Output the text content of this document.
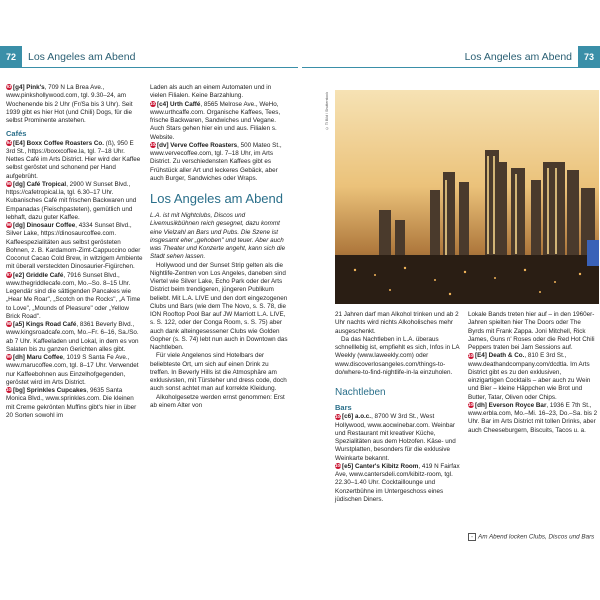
72	Los Angeles am Abend	Los Angeles am Abend	73

93 [g4] Pink's, 709 N La Brea Ave., www.pinkshollywood.com, tgl. 9.30–24, am Wochenende bis 2 Uhr (Fr/Sa bis 3 Uhr). Seit 1939 gibt es hier Hot (und Chili) Dogs, für die selbst Prominente anstehen.

Cafés

94 [E4] Boxx Coffee Roasters Co. (ß), 950 E 3rd St., https://boxxcoffee.la, tgl. 7–18 Uhr. Nettes Café im Arts District. Hier wird der Kaffee selbst geröstet und schonend per Hand aufgebrüht.

95 [dg] Café Tropical, 2900 W Sunset Blvd., https://cafetropical.la, tgl. 6.30–17 Uhr. Kubanisches Café mit frischen Backwaren und Empanadas (Fleischpasteten), gemütlich und lebhaft, dazu guter Kaffee.

96 [dg] Dinosaur Coffee, 4334 Sunset Blvd., Silver Lake, https://dinosaurcoffee.com. Kaffeespezialitäten aus selbst gerösteten Bohnen, z. B. Kardamom-Zimt-Cappuccino oder Coconut Cacao Cold Brew, in witzigem Ambiente mit überall versteckten Dinosaurier-Figürchen.

97 [e2] Griddle Café, 7916 Sunset Blvd., www.thegriddlecafe.com, Mo.–So. 8–15 Uhr. Legendär sind die sättigenden Pancakes wie „Hear Me Roar", „Scotch on the Rocks", „A Time to Love", „Mounds of Pleasure" oder „Yellow Brick Road".

98 [a5] Kings Road Café, 8361 Beverly Blvd., www.kingsroadcafe.com, Mo.–Fr. 6–16, Sa./So. ab 7 Uhr. Kaffeeladen und Lokal, in dem es von Salaten bis zu ganzen Gerichten alles gibt.

99 [dh] Maru Coffee, 1019 S Santa Fe Ave., www.marucoffee.com, tgl. 8–17 Uhr. Verwendet nur Kaffeebohnen aus Einzelhofgegenden, geröstet wird im Arts District.

100[bg] Sprinkles Cupcakes, 9635 Santa Monica Blvd., www.sprinkles.com. Die kleinen mit Creme gekrönten Muffins gibt's hier in über 20 Sorten sowohl im

Laden als auch an einem Automaten und in vielen Filialen. Keine Barzahlung.

101[c4] Urth Caffé, 8565 Melrose Ave., WeHo, www.urthcaffe.com. Organische Kaffees, Tees, frische Backwaren, Sandwiches und Vegane. Auch Stars gehen hier ein und aus. Filialen s. Website.

102[dv] Verve Coffee Roasters, 500 Mateo St., www.vervecoffee.com, tgl. 7–18 Uhr, im Arts District. Zu verschiedensten Kaffees gibt es Frühstück aller Art und leckeres Gebäck, aber auch Burger, Sandwiches oder Wraps.

Los Angeles am Abend

L.A. ist mit Nightclubs, Discos und Livemusikbühnen reich gesegnet, dazu kommt eine Vielzahl an Bars und Pubs. Die Szene ist insgesamt eher „gehoben" und teuer. Aber auch was Theater und Konzerte angeht, kann sich die Stadt sehen lassen.

Hollywood und der Sunset Strip gelten als die Nightlife-Zentren von Los Angeles, daneben sind Viertel wie Silver Lake, Echo Park oder der Arts District beim trendigeren, jüngeren Publikum beliebt. Mit L.A. LIVE und den dort eingezogenen Clubs und Bars (wie dem The Novo, s. S. 78, die ION Rooftop Pool Bar auf JW Marriott L.A. LIVE, s. S. 122, oder der Conga Room, s. S. 75) aber auch dank alteingesessener Clubs wie Golden Gopher (s. S. 74) lebt nun auch in Downtown das Nachtleben.

Für viele Angelenos sind Hotelbars der beliebteste Ort, um sich auf einen Drink zu treffen. In Beverly Hills ist die Atmosphäre am exklusivsten, mit Türsteher und dress code, doch auch sonst achtet man auf korrekte Kleidung.

Alkoholgesetze werden ernst genommen: Erst ab einem Alter von

© TI Bild / Shutterstock

21 Jahren darf man Alkohol trinken und ab 2 Uhr nachts wird nichts Alkoholisches mehr ausgeschenkt.

Da das Nachtleben in L.A. überaus schnelllebig ist, empfiehlt es sich, Infos in LA Weekly (www.laweekly.com) oder www.discoverlosangeles.com/things-to-do/where-to-find-nightlife-in-la einzuholen.

Nachtleben
Bars

103[c6] a.o.c., 8700 W 3rd St., West Hollywood, www.aocwinebar.com. Weinbar und Restaurant mit kreativer Küche, Spezialitäten aus dem Holzofen. Käse- und Wurstplatten, besonders für die exklusive Weinkarte bekannt.

104[e5] Canter's Kibitz Room, 419 N Fairfax Ave, www.cantersdeli.com/kibitz-room, tgl. 22.30–1.40 Uhr. Cocktaillounge und Konzertbühne im Untergeschoss eines jüdischen Diners.

Lokale Bands treten hier auf – in den 1960er-Jahren spielten hier The Doors oder The Byrds mit Frank Zappa. Joni Mitchell, Rick James, Guns n' Roses oder die Red Hot Chili Peppers traten bei Jam Sessions auf.

105[E4] Death & Co., 810 E 3rd St., www.deathandcompany.com/dcdtla. Im Arts District gibt es zu den exklusiven, einzigartigen Cocktails – aber auch zu Wein und Bier – kleine Häppchen wie Brot und Butter, Tatar, Oliven oder Chips.

106[dh] Everson Royce Bar, 1936 E 7th St., www.erbla.com, Mo.–Mi. 16–23, Do.–Sa. bis 2 Uhr. Bar im Arts District mit tollen Drinks, aber auch Cheeseburgern, Biscuits, Tacos u. a.

▫ Am Abend locken Clubs, Discos und Bars
